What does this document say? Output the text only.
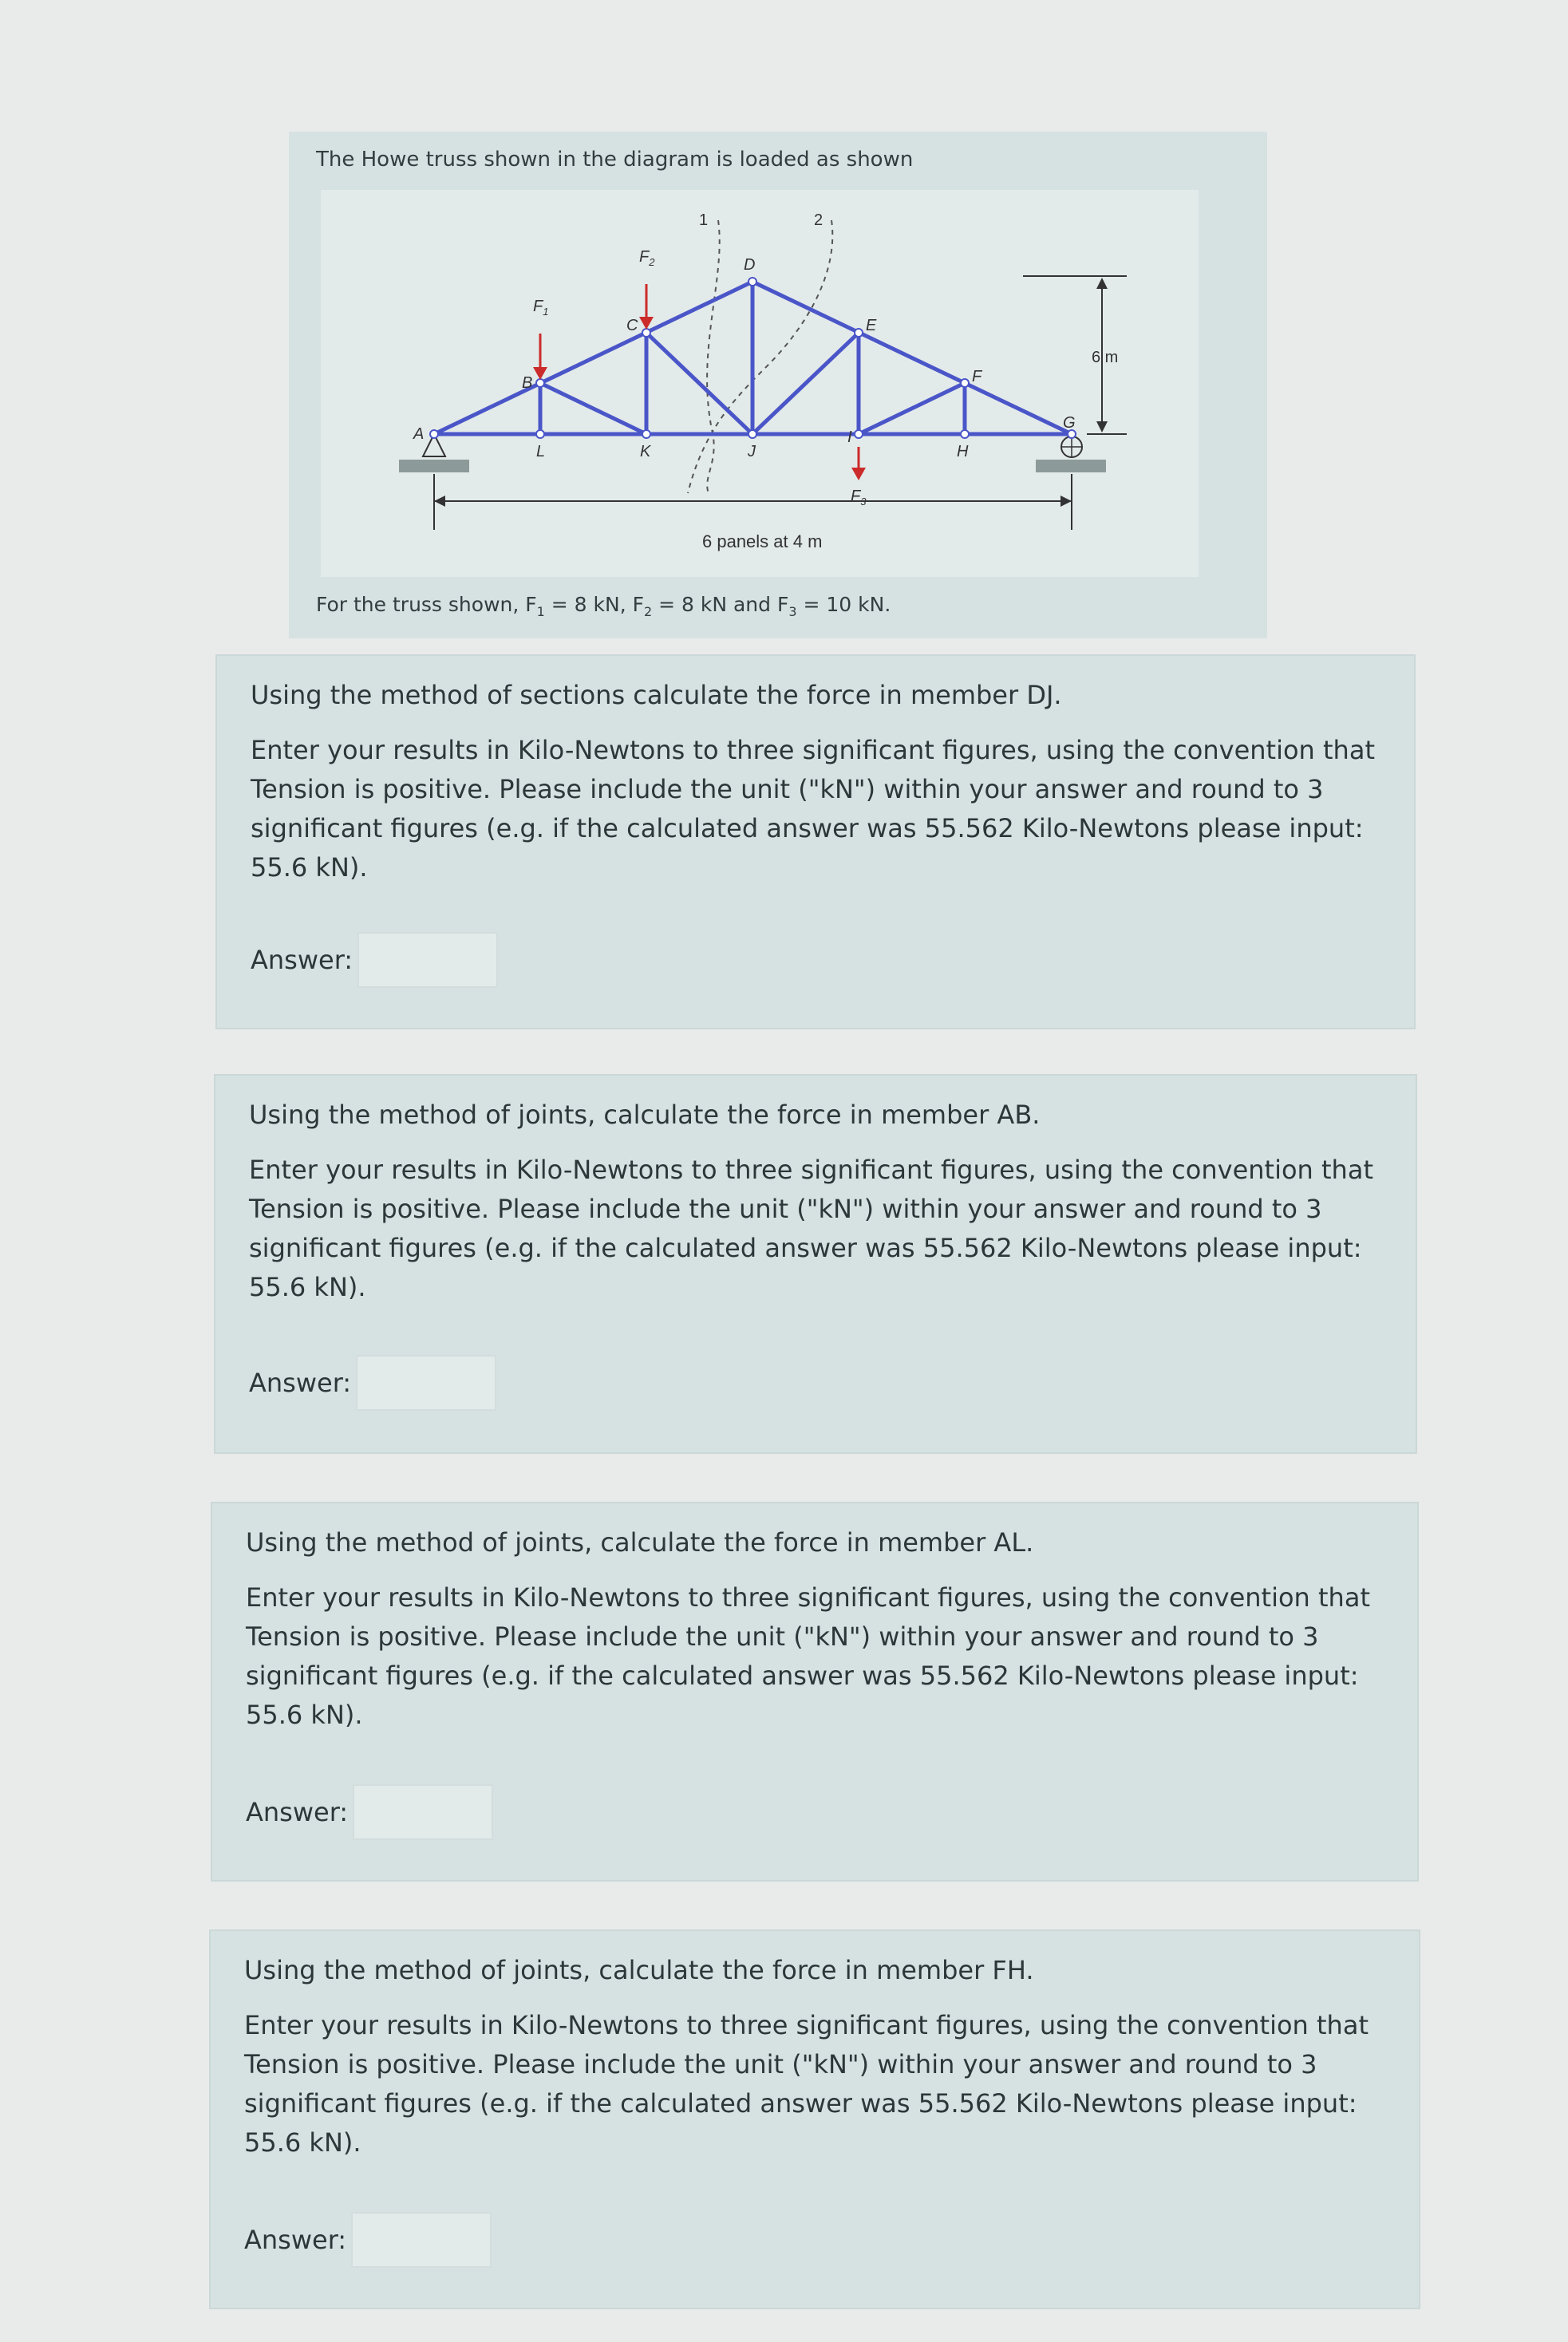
The Howe truss shown in the diagram is loaded as shown
1	2
A
B
C
D
E
F
G
L	K	J
I
H
$F_1$
$F_2$
$F_3$
6 m
6 panels at 4 m
For the truss shown, $F_1 = 8$ kN, $F_2 = 8$ kN and $F_3 = 10$ kN.
Using the method of sections calculate the force in member DJ.
Enter your results in Kilo-Newtons to three significant figures, using the convention that Tension is positive. Please include the unit ("kN") within your answer and round to 3 significant figures (e.g. if the calculated answer was 55.562 Kilo-Newtons please input: 55.6 kN).
Answer:
Using the method of joints, calculate the force in member AB.
Enter your results in Kilo-Newtons to three significant figures, using the convention that Tension is positive. Please include the unit ("kN") within your answer and round to 3 significant figures (e.g. if the calculated answer was 55.562 Kilo-Newtons please input: 55.6 kN).
Answer:
Using the method of joints, calculate the force in member AL.
Enter your results in Kilo-Newtons to three significant figures, using the convention that Tension is positive. Please include the unit ("kN") within your answer and round to 3 significant figures (e.g. if the calculated answer was 55.562 Kilo-Newtons please input: 55.6 kN).
Answer:
Using the method of joints, calculate the force in member FH.
Enter your results in Kilo-Newtons to three significant figures, using the convention that Tension is positive. Please include the unit ("kN") within your answer and round to 3 significant figures (e.g. if the calculated answer was 55.562 Kilo-Newtons please input: 55.6 kN).
Answer:
